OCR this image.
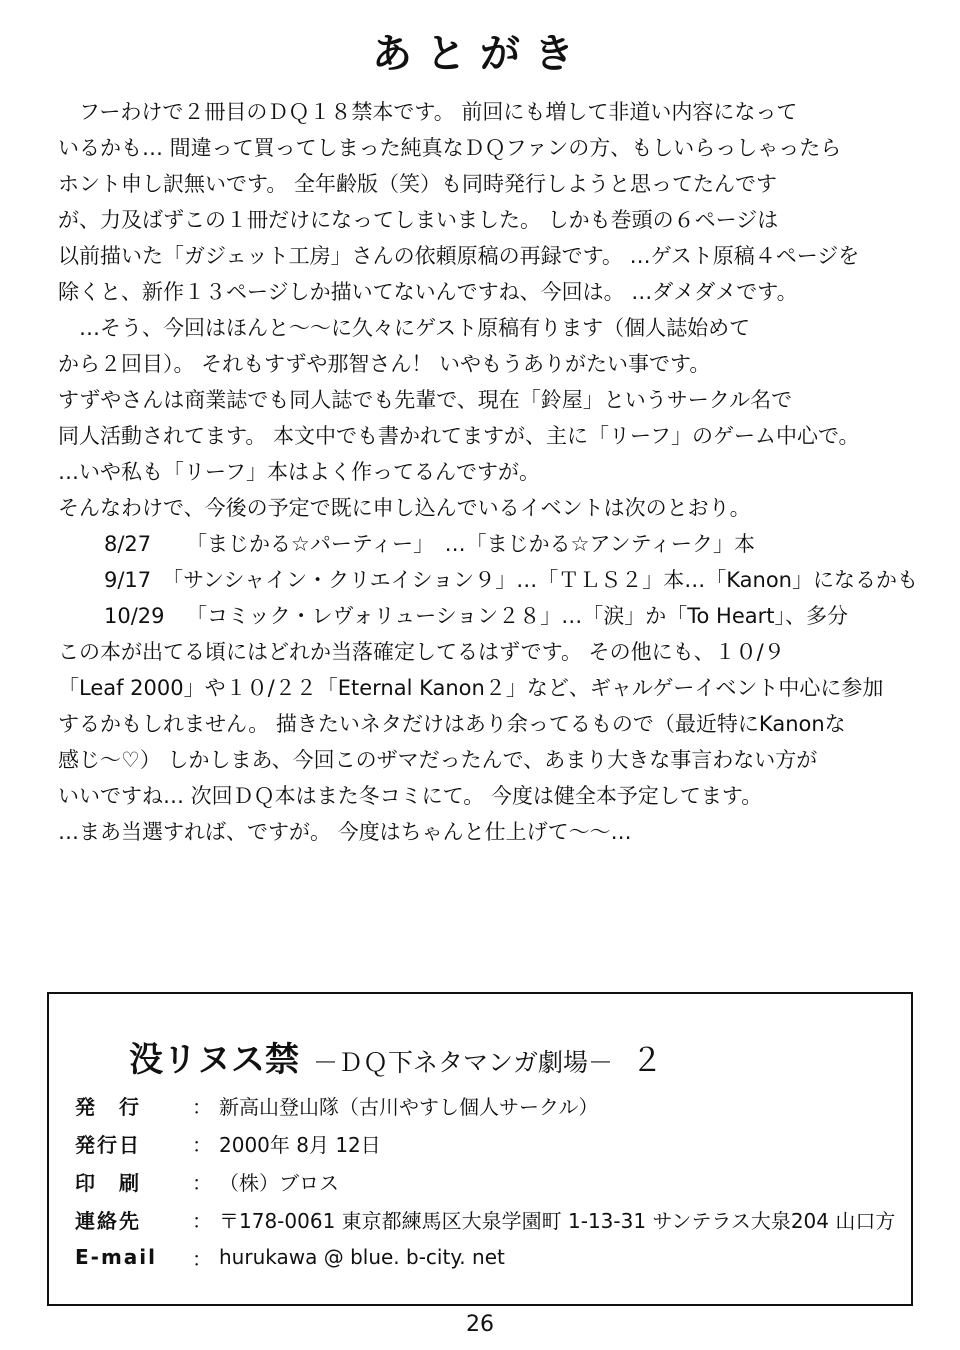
あとがき
　フーわけで２冊目のＤＱ１８禁本です。 前回にも増して非道い内容になって
いるかも… 間違って買ってしまった純真なＤＱファンの方、もしいらっしゃったら
ホント申し訳無いです。 全年齢版（笑）も同時発行しようと思ってたんです
が、力及ばずこの１冊だけになってしまいました。 しかも巻頭の６ページは
以前描いた「ガジェット工房」さんの依頼原稿の再録です。 …ゲスト原稿４ページを
除くと、新作１３ページしか描いてないんですね、今回は。 …ダメダメです。
　…そう、今回はほんと〜〜に久々にゲスト原稿有ります（個人誌始めて
から２回目）。 それもすずや那智さん！ いやもうありがたい事です。
すずやさんは商業誌でも同人誌でも先輩で、現在「鈴屋」というサークル名で
同人活動されてます。 本文中でも書かれてますが、主に「リーフ」のゲーム中心で。
…いや私も「リーフ」本はよく作ってるんですが。
そんなわけで、今後の予定で既に申し込んでいるイベントは次のとおり。
8/27	「まじかる☆パーティー」　…「まじかる☆アンティーク」本
9/17 「サンシャイン・クリエイション９」…「ＴＬＳ２」本…「Kanon」になるかも
10/29	「コミック・レヴォリューション２８」…「涙」か「To Heart」、多分
この本が出てる頃にはどれか当落確定してるはずです。 その他にも、１０/９
「Leaf 2000」や１０/２２「Eternal Kanon２」など、ギャルゲーイベント中心に参加
するかもしれません。 描きたいネタだけはあり余ってるもので（最近特にKanonな
感じ〜♡） しかしまあ、今回このザマだったんで、あまり大きな事言わない方が
いいですね… 次回ＤＱ本はまた冬コミにて。 今度は健全本予定してます。
…まあ当選すれば、ですが。 今度はちゃんと仕上げて〜〜…
没リヌス禁 －ＤＱ下ネタマンガ劇場－ ２
発　行	： 新高山登山隊（古川やすし個人サークル）
発行日	： 2000年 8月 12日
印　刷	： （株）ブロス
連絡先	： 〒178-0061 東京都練馬区大泉学園町 1-13-31 サンテラス大泉204 山口方
E-mail	： hurukawa @ blue. b-city. net
26
